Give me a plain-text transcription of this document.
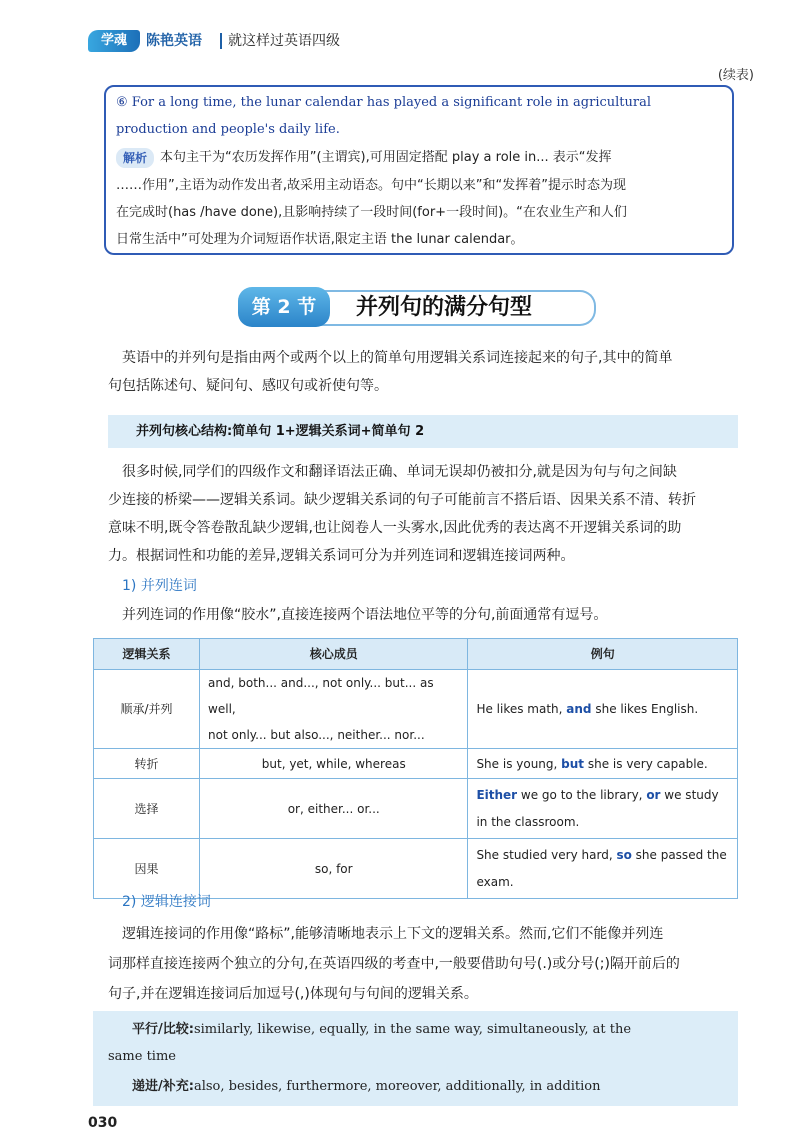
学魂	陈艳英语 就这样过英语四级
(续表)
⑥ For a long time, the lunar calendar has played a significant role in agricultural
production and people's daily life.
解析	本句主干为“农历发挥作用”(主谓宾),可用固定搭配 play a role in... 表示“发挥
……作用”,主语为动作发出者,故采用主动语态。句中“长期以来”和“发挥着”提示时态为现
在完成时(has /have done),且影响持续了一段时间(for+一段时间)。“在农业生产和人们
日常生活中”可处理为介词短语作状语,限定主语 the lunar calendar。
第 2 节	并列句的满分句型
英语中的并列句是指由两个或两个以上的简单句用逻辑关系词连接起来的句子,其中的简单
句包括陈述句、疑问句、感叹句或祈使句等。
并列句核心结构:简单句 1+逻辑关系词+简单句 2
很多时候,同学们的四级作文和翻译语法正确、单词无误却仍被扣分,就是因为句与句之间缺
少连接的桥梁——逻辑关系词。缺少逻辑关系词的句子可能前言不搭后语、因果关系不清、转折
意味不明,既令答卷散乱缺少逻辑,也让阅卷人一头雾水,因此优秀的表达离不开逻辑关系词的助
力。根据词性和功能的差异,逻辑关系词可分为并列连词和逻辑连接词两种。
1) 并列连词
并列连词的作用像“胶水”,直接连接两个语法地位平等的分句,前面通常有逗号。
逻辑关系	核心成员	例句
顺承/并列	and, both... and..., not only... but... as well,
not only... but also..., neither... nor...	He likes math, and she likes English.
转折	but, yet, while, whereas	She is young, but she is very capable.
选择	or, either... or...	Either we go to the library, or we study in the classroom.
因果	so, for	She studied very hard, so she passed the exam.
2) 逻辑连接词
逻辑连接词的作用像“路标”,能够清晰地表示上下文的逻辑关系。然而,它们不能像并列连
词那样直接连接两个独立的分句,在英语四级的考查中,一般要借助句号(.)或分号(;)隔开前后的
句子,并在逻辑连接词后加逗号(,)体现句与句间的逻辑关系。
平行/比较:similarly, likewise, equally, in the same way, simultaneously, at the
same time
递进/补充:also, besides, furthermore, moreover, additionally, in addition
030
